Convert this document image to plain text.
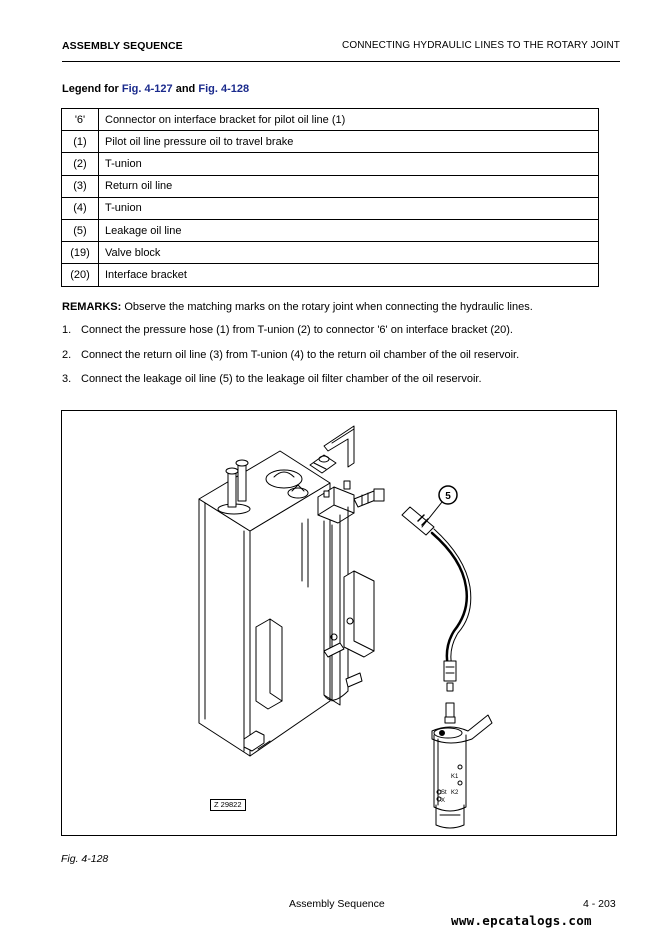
ASSEMBLY SEQUENCE	CONNECTING HYDRAULIC LINES TO THE ROTARY JOINT
Legend for Fig. 4-127 and Fig. 4-128
'6'	Connector on interface bracket for pilot oil line (1)
(1)	Pilot oil line pressure oil to travel brake
(2)	T-union
(3)	Return oil line
(4)	T-union
(5)	Leakage oil line
(19)	Valve block
(20)	Interface bracket
REMARKS: Observe the matching marks on the rotary joint when connecting the hydraulic lines.
1. Connect the pressure hose (1) from T-union (2) to connector '6' on interface bracket (20).
2. Connect the return oil line (3) from T-union (4) to the return oil chamber of the oil reservoir.
3. Connect the leakage oil line (5) to the leakage oil filter chamber of the oil reservoir.
5
K1
St K2
X
Z 29822
Fig. 4-128
Assembly Sequence	4 - 203
www.epcatalogs.com
